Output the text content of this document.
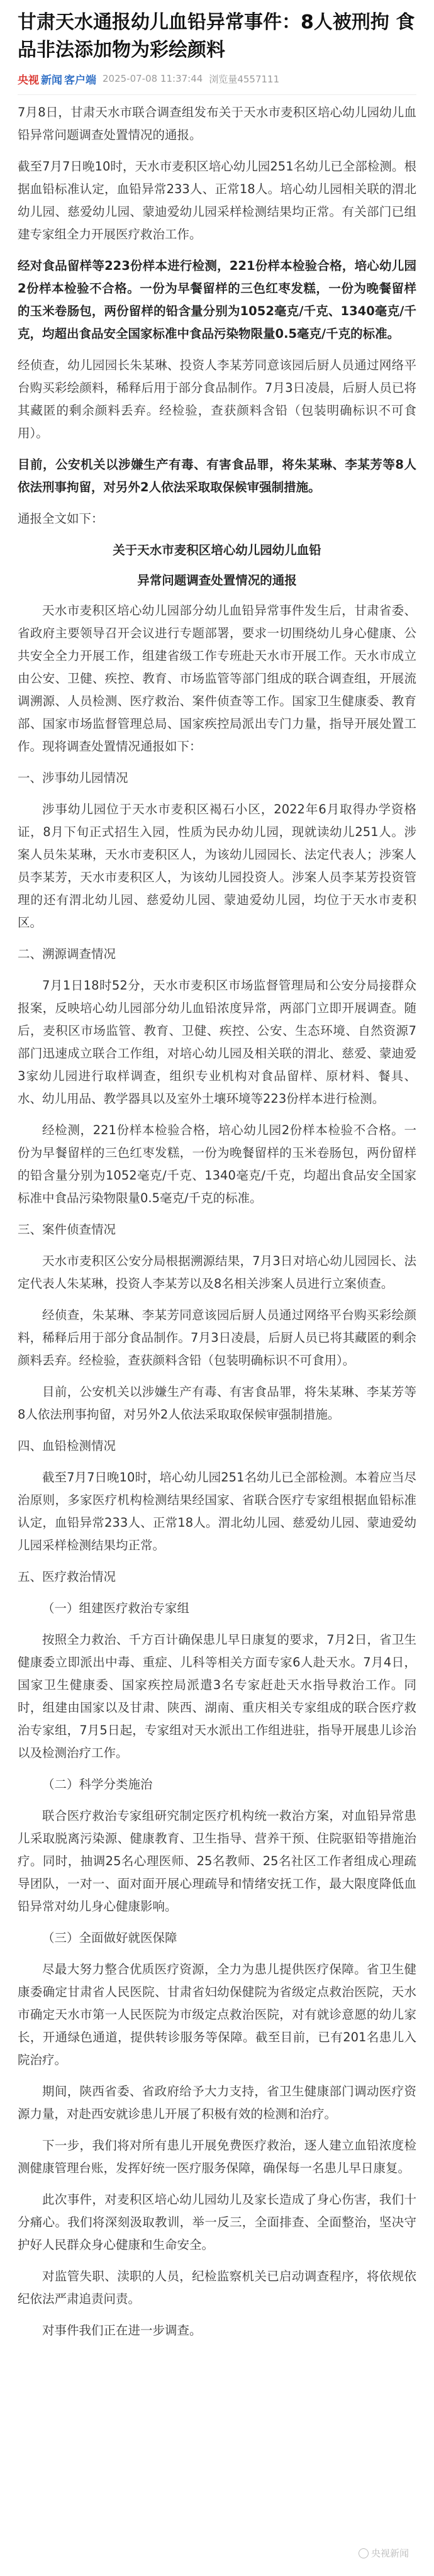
甘肃天水通报幼儿血铅异常事件：8人被刑拘 食品非法添加物为彩绘颜料
央视 新闻 客户端 2025-07-08 11:37:44 浏览量4557111

7月8日，甘肃天水市联合调查组发布关于天水市麦积区培心幼儿园幼儿血铅异常问题调查处置情况的通报。

截至7月7日晚10时，天水市麦积区培心幼儿园251名幼儿已全部检测。根据血铅标准认定，血铅异常233人、正常18人。培心幼儿园相关联的渭北幼儿园、慈爱幼儿园、蒙迪爱幼儿园采样检测结果均正常。有关部门已组建专家组全力开展医疗救治工作。

经对食品留样等223份样本进行检测，221份样本检验合格，培心幼儿园2份样本检验不合格。一份为早餐留样的三色红枣发糕，一份为晚餐留样的玉米卷肠包，两份留样的铅含量分别为1052毫克/千克、1340毫克/千克，均超出食品安全国家标准中食品污染物限量0.5毫克/千克的标准。

经侦查，幼儿园园长朱某琳、投资人李某芳同意该园后厨人员通过网络平台购买彩绘颜料，稀释后用于部分食品制作。7月3日凌晨，后厨人员已将其藏匿的剩余颜料丢弃。经检验，查获颜料含铅（包装明确标识不可食用）。

目前，公安机关以涉嫌生产有毒、有害食品罪，将朱某琳、李某芳等8人依法刑事拘留，对另外2人依法采取取保候审强制措施。

通报全文如下：

关于天水市麦积区培心幼儿园幼儿血铅

异常问题调查处置情况的通报

天水市麦积区培心幼儿园部分幼儿血铅异常事件发生后，甘肃省委、省政府主要领导召开会议进行专题部署，要求一切围绕幼儿身心健康、公共安全全力开展工作，组建省级工作专班赴天水市开展工作。天水市成立由公安、卫健、疾控、教育、市场监管等部门组成的联合调查组，开展流调溯源、人员检测、医疗救治、案件侦查等工作。国家卫生健康委、教育部、国家市场监督管理总局、国家疾控局派出专门力量，指导开展处置工作。现将调查处置情况通报如下：

一、涉事幼儿园情况

涉事幼儿园位于天水市麦积区褐石小区，2022年6月取得办学资格证，8月下旬正式招生入园，性质为民办幼儿园，现就读幼儿251人。涉案人员朱某琳，天水市麦积区人，为该幼儿园园长、法定代表人；涉案人员李某芳，天水市麦积区人，为该幼儿园投资人。涉案人员李某芳投资管理的还有渭北幼儿园、慈爱幼儿园、蒙迪爱幼儿园，均位于天水市麦积区。

二、溯源调查情况

7月1日18时52分，天水市麦积区市场监督管理局和公安分局接群众报案，反映培心幼儿园部分幼儿血铅浓度异常，两部门立即开展调查。随后，麦积区市场监管、教育、卫健、疾控、公安、生态环境、自然资源7部门迅速成立联合工作组，对培心幼儿园及相关联的渭北、慈爱、蒙迪爱3家幼儿园进行取样调查，组织专业机构对食品留样、原材料、餐具、水、幼儿用品、教学器具以及室外土壤环境等223份样本进行检测。

经检测，221份样本检验合格，培心幼儿园2份样本检验不合格。一份为早餐留样的三色红枣发糕，一份为晚餐留样的玉米卷肠包，两份留样的铅含量分别为1052毫克/千克、1340毫克/千克，均超出食品安全国家标准中食品污染物限量0.5毫克/千克的标准。

三、案件侦查情况

天水市麦积区公安分局根据溯源结果，7月3日对培心幼儿园园长、法定代表人朱某琳，投资人李某芳以及8名相关涉案人员进行立案侦查。

经侦查，朱某琳、李某芳同意该园后厨人员通过网络平台购买彩绘颜料，稀释后用于部分食品制作。7月3日凌晨，后厨人员已将其藏匿的剩余颜料丢弃。经检验，查获颜料含铅（包装明确标识不可食用）。

目前，公安机关以涉嫌生产有毒、有害食品罪，将朱某琳、李某芳等8人依法刑事拘留，对另外2人依法采取取保候审强制措施。

四、血铅检测情况

截至7月7日晚10时，培心幼儿园251名幼儿已全部检测。本着应当尽治原则，多家医疗机构检测结果经国家、省联合医疗专家组根据血铅标准认定，血铅异常233人、正常18人。渭北幼儿园、慈爱幼儿园、蒙迪爱幼儿园采样检测结果均正常。

五、医疗救治情况

（一）组建医疗救治专家组

按照全力救治、千方百计确保患儿早日康复的要求，7月2日，省卫生健康委立即派出中毒、重症、儿科等相关方面专家6人赴天水。7月4日，国家卫生健康委、国家疾控局派遣3名专家赶赴天水指导救治工作。同时，组建由国家以及甘肃、陕西、湖南、重庆相关专家组成的联合医疗救治专家组，7月5日起，专家组对天水派出工作组进驻，指导开展患儿诊治以及检测治疗工作。

（二）科学分类施治

联合医疗救治专家组研究制定医疗机构统一救治方案，对血铅异常患儿采取脱离污染源、健康教育、卫生指导、营养干预、住院驱铅等措施治疗。同时，抽调25名心理医师、25名教师、25名社区工作者组成心理疏导团队，一对一、面对面开展心理疏导和情绪安抚工作，最大限度降低血铅异常对幼儿身心健康影响。

（三）全面做好就医保障

尽最大努力整合优质医疗资源，全力为患儿提供医疗保障。省卫生健康委确定甘肃省人民医院、甘肃省妇幼保健院为省级定点救治医院，天水市确定天水市第一人民医院为市级定点救治医院，对有就诊意愿的幼儿家长，开通绿色通道，提供转诊服务等保障。截至目前，已有201名患儿入院治疗。

期间，陕西省委、省政府给予大力支持，省卫生健康部门调动医疗资源力量，对赴西安就诊患儿开展了积极有效的检测和治疗。

下一步，我们将对所有患儿开展免费医疗救治，逐人建立血铅浓度检测健康管理台账，发挥好统一医疗服务保障，确保每一名患儿早日康复。

此次事件，对麦积区培心幼儿园幼儿及家长造成了身心伤害，我们十分痛心。我们将深刻汲取教训，举一反三，全面排查、全面整治，坚决守护好人民群众身心健康和生命安全。

对监管失职、渎职的人员，纪检监察机关已启动调查程序，将依规依纪依法严肃追责问责。

对事件我们正在进一步调查。

央视新闻
